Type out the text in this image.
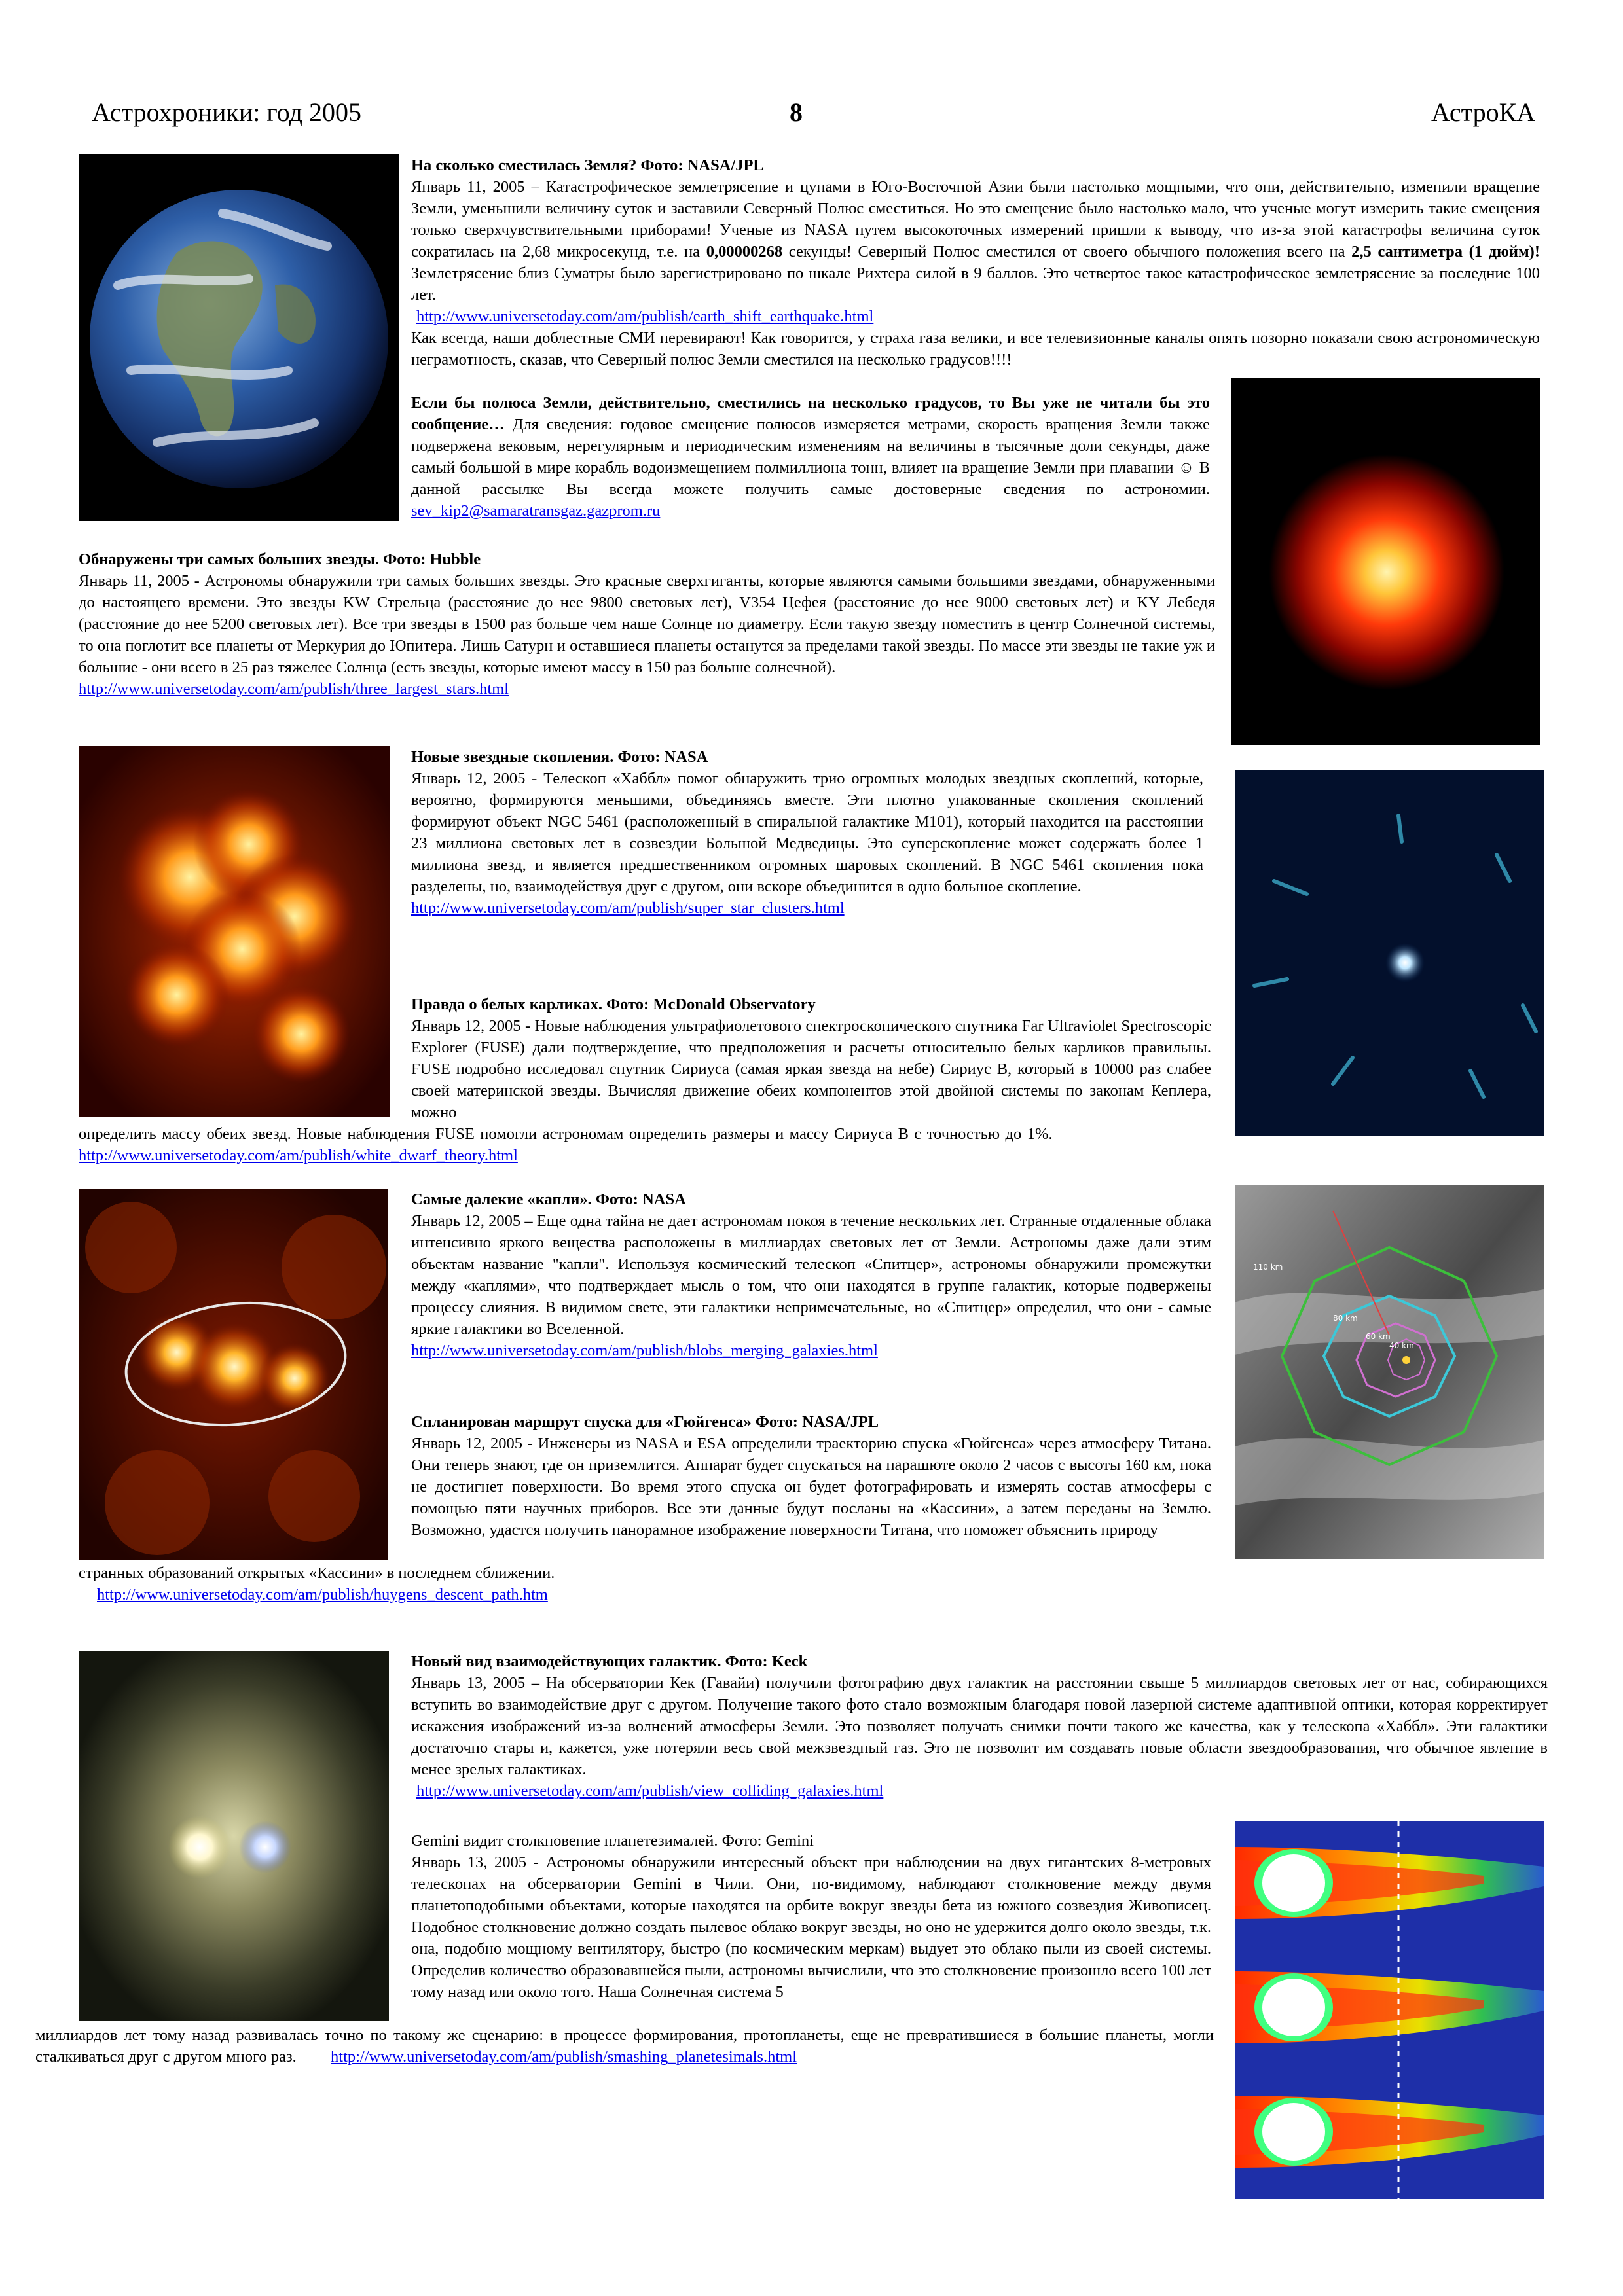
Астрохроники: год 2005	8	АстроКА

На сколько сместилась Земля? Фото: NASA/JPL

Январь 11, 2005 – Катастрофическое землетрясение и цунами в Юго-Восточной Азии были настолько мощными, что они, действительно, изменили вращение Земли, уменьшили величину суток и заставили Северный Полюс сместиться. Но это смещение было настолько мало, что ученые могут измерить такие смещения только сверхчувствительными приборами! Ученые из NASA путем высокоточных измерений пришли к выводу, что из-за этой катастрофы величина суток сократилась на 2,68 микросекунд, т.е. на 0,00000268 секунды! Северный Полюс сместился от своего обычного положения всего на 2,5 сантиметра (1 дюйм)! Землетрясение близ Суматры было зарегистрировано по шкале Рихтера силой в 9 баллов. Это четвертое такое катастрофическое землетрясение за последние 100 лет.

http://www.universetoday.com/am/publish/earth_shift_earthquake.html

Как всегда, наши доблестные СМИ перевирают! Как говорится, у страха газа велики, и все телевизионные каналы опять позорно показали свою астрономическую неграмотность, сказав, что Северный полюс Земли сместился на несколько градусов!!!!

Если бы полюса Земли, действительно, сместились на несколько градусов, то Вы уже не читали бы это сообщение… Для сведения: годовое смещение полюсов измеряется метрами, скорость вращения Земли также подвержена вековым, нерегулярным и периодическим изменениям на величины в тысячные доли секунды, даже самый большой в мире корабль водоизмещением полмиллиона тонн, влияет на вращение Земли при плавании ☺ В данной рассылке Вы всегда можете получить самые достоверные сведения по астрономии. sev_kip2@samaratransgaz.gazprom.ru

Обнаружены три самых больших звезды. Фото: Hubble

Январь 11, 2005 - Астрономы обнаружили три самых больших звезды. Это красные сверхгиганты, которые являются самыми большими звездами, обнаруженными до настоящего времени. Это звезды KW Стрельца (расстояние до нее 9800 световых лет), V354 Цефея (расстояние до нее 9000 световых лет) и KY Лебедя (расстояние до нее 5200 световых лет). Все три звезды в 1500 раз больше чем наше Солнце по диаметру. Если такую звезду поместить в центр Солнечной системы, то она поглотит все планеты от Меркурия до Юпитера. Лишь Сатурн и оставшиеся планеты останутся за пределами такой звезды. По массе эти звезды не такие уж и большие - они всего в 25 раз тяжелее Солнца (есть звезды, которые имеют массу в 150 раз больше солнечной).

http://www.universetoday.com/am/publish/three_largest_stars.html

Новые звездные скопления. Фото: NASA

Январь 12, 2005 - Телескоп «Хаббл» помог обнаружить трио огромных молодых звездных скоплений, которые, вероятно, формируются меньшими, объединяясь вместе. Эти плотно упакованные скопления скоплений формируют объект NGC 5461 (расположенный в спиральной галактике M101), который находится на расстоянии 23 миллиона световых лет в созвездии Большой Медведицы. Это суперскопление может содержать более 1 миллиона звезд, и является предшественником огромных шаровых скоплений. В NGC 5461 скопления пока разделены, но, взаимодействуя друг с другом, они вскоре объединится в одно большое скопление.

http://www.universetoday.com/am/publish/super_star_clusters.html

Правда о белых карликах. Фото: McDonald Observatory

Январь 12, 2005 - Новые наблюдения ультрафиолетового спектроскопического спутника Far Ultraviolet Spectroscopic Explorer (FUSE) дали подтверждение, что предположения и расчеты относительно белых карликов правильны. FUSE подробно исследовал спутник Сириуса (самая яркая звезда на небе) Сириус B, который в 10000 раз слабее своей материнской звезды. Вычисляя движение обеих компонентов этой двойной системы по законам Кеплера, можно

определить массу обеих звезд. Новые наблюдения FUSE помогли астрономам определить размеры и массу Сириуса B с точностью до 1%.  http://www.universetoday.com/am/publish/white_dwarf_theory.html

Самые далекие «капли». Фото: NASA

Январь 12, 2005 – Еще одна тайна не дает астрономам покоя в течение нескольких лет. Странные отдаленные облака интенсивно яркого вещества расположены в миллиардах световых лет от Земли. Астрономы даже дали этим объектам название "капли". Используя космический телескоп «Спитцер», астрономы обнаружили промежутки между «каплями», что подтверждает мысль о том, что они находятся в группе галактик, которые подвержены процессу слияния. В видимом свете, эти галактики непримечательные, но «Спитцер» определил, что они - самые яркие галактики во Вселенной.

http://www.universetoday.com/am/publish/blobs_merging_galaxies.html

110 km
80 km
60 km
40 km

Спланирован маршрут спуска для «Гюйгенса» Фото: NASA/JPL

Январь 12, 2005 - Инженеры из NASA и ESA определили траекторию спуска «Гюйгенса» через атмосферу Титана. Они теперь знают, где он приземлится. Аппарат будет спускаться на парашюте около 2 часов с высоты 160 км, пока не достигнет поверхности. Во время этого спуска он будет фотографировать и измерять состав атмосферы с помощью пяти научных приборов. Все эти данные будут посланы на «Кассини», а затем переданы на Землю. Возможно, удастся получить панорамное изображение поверхности Титана, что поможет объяснить природу

странных образований открытых «Кассини» в последнем сближении.

http://www.universetoday.com/am/publish/huygens_descent_path.htm

Новый вид взаимодействующих галактик. Фото: Keck

Январь 13, 2005 – На обсерватории Кек (Гавайи) получили фотографию двух галактик на расстоянии свыше 5 миллиардов световых лет от нас, собирающихся вступить во взаимодействие друг с другом. Получение такого фото стало возможным благодаря новой лазерной системе адаптивной оптики, которая корректирует искажения изображений из-за волнений атмосферы Земли. Это позволяет получать снимки почти такого же качества, как у телескопа «Хаббл». Эти галактики достаточно стары и, кажется, уже потеряли весь свой межзвездный газ. Это не позволит им создавать новые области звездообразования, что обычное явление в менее зрелых галактиках.

http://www.universetoday.com/am/publish/view_colliding_galaxies.html

Gemini видит столкновение планетезималей. Фото: Gemini

Январь 13, 2005 - Астрономы обнаружили интересный объект при наблюдении на двух гигантских 8-метровых телескопах на обсерватории Gemini в Чили. Они, по-видимому, наблюдают столкновение между двумя планетоподобными объектами, которые находятся на орбите вокруг звезды бета из южного созвездия Живописец. Подобное столкновение должно создать пылевое облако вокруг звезды, но оно не удержится долго около звезды, т.к. она, подобно мощному вентилятору, быстро (по космическим меркам) выдует это облако пыли из своей системы. Определив количество образовавшейся пыли, астрономы вычислили, что это столкновение произошло всего 100 лет тому назад или около того. Наша Солнечная система 5

миллиардов лет тому назад развивалась точно по такому же сценарию: в процессе формирования, протопланеты, еще не превратившиеся в большие планеты, могли сталкиваться друг с другом много раз. http://www.universetoday.com/am/publish/smashing_planetesimals.html
